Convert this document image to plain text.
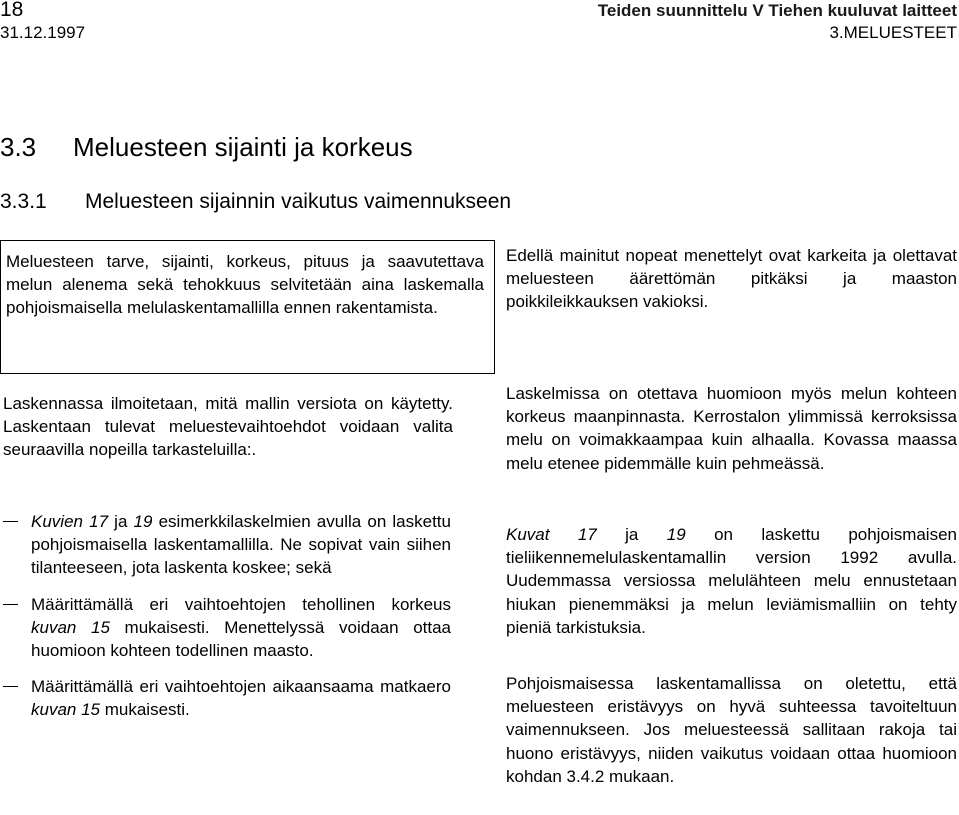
18
31.12.1997
Teiden suunnittelu V Tiehen kuuluvat laitteet
3.MELUESTEET
3.3 Meluesteen sijainti ja korkeus
3.3.1 Meluesteen sijainnin vaikutus vaimennukseen

Meluesteen tarve, sijainti, korkeus, pituus ja saavutettava melun alenema sekä tehokkuus selvitetään aina laskemalla pohjoismaisella melulaskentamallilla ennen rakentamista.

Edellä mainitut nopeat menettelyt ovat karkeita ja olettavat meluesteen äärettömän pitkäksi ja maaston poikkileikkauksen vakioksi.

Laskennassa ilmoitetaan, mitä mallin versiota on käytetty. Laskentaan tulevat meluestevaihtoehdot voidaan valita seuraavilla nopeilla tarkasteluilla:.

Kuvien 17 ja 19 esimerkkilaskelmien avulla on laskettu pohjoismaisella laskentamallilla. Ne sopivat vain siihen tilanteeseen, jota laskenta koskee; sekä
Määrittämällä eri vaihtoehtojen tehollinen korkeus kuvan 15 mukaisesti. Menettelyssä voidaan ottaa huomioon kohteen todellinen maasto.
Määrittämällä eri vaihtoehtojen aikaansaama matkaero kuvan 15 mukaisesti.

Laskelmissa on otettava huomioon myös melun kohteen korkeus maanpinnasta. Kerrostalon ylimmissä kerroksissa melu on voimakkaampaa kuin alhaalla. Kovassa maassa melu etenee pidemmälle kuin pehmeässä.

Kuvat 17 ja 19 on laskettu pohjoismaisen tieliikennemelulaskentamallin version 1992 avulla. Uudemmassa versiossa melulähteen melu ennustetaan hiukan pienemmäksi ja melun leviämismalliin on tehty pieniä tarkistuksia.

Pohjoismaisessa laskentamallissa on oletettu, että meluesteen eristävyys on hyvä suhteessa tavoiteltuun vaimennukseen. Jos meluesteessä sallitaan rakoja tai huono eristävyys, niiden vaikutus voidaan ottaa huomioon kohdan 3.4.2 mukaan.
